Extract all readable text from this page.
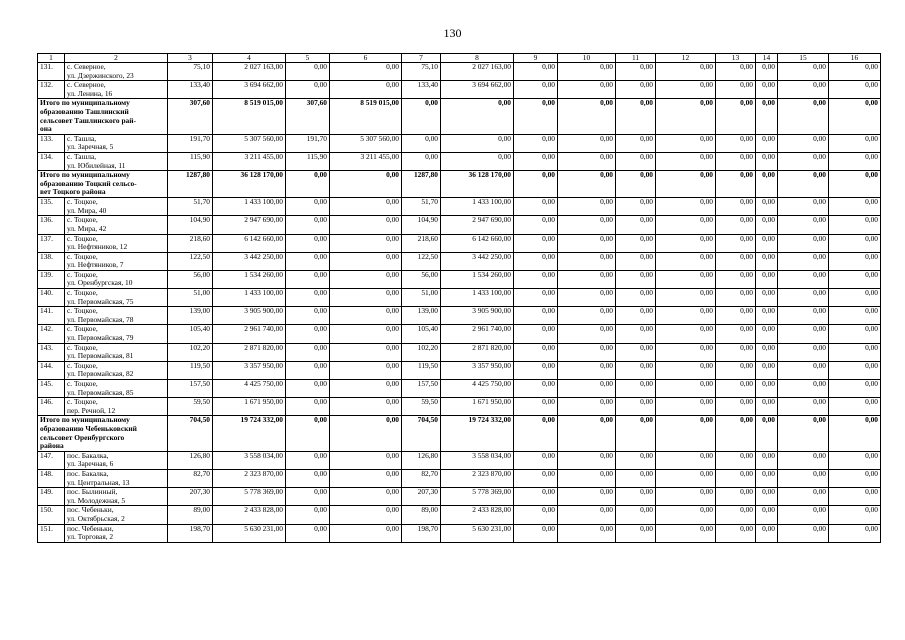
130
1	2	3	4	5	6	7	8	9	10	11	12	13	14	15	16
131.	с. Северное,
ул. Дзержинского, 23	75,10	2 027 163,00	0,00	0,00	75,10	2 027 163,00	0,00	0,00	0,00	0,00	0,00	0,00	0,00	0,00
132.	с. Северное,
ул. Ленина, 16	133,40	3 694 662,00	0,00	0,00	133,40	3 694 662,00	0,00	0,00	0,00	0,00	0,00	0,00	0,00	0,00

Итого по муниципальному
образованию Ташлинский
сельсовет Ташлинского рай-
она		307,60	8 519 015,00	307,60	8 519 015,00	0,00	0,00	0,00	0,00	0,00	0,00	0,00	0,00	0,00	0,00
133.	с. Ташла,
ул. Заречная, 5	191,70	5 307 560,00	191,70	5 307 560,00	0,00	0,00	0,00	0,00	0,00	0,00	0,00	0,00	0,00	0,00
134.	с. Ташла,
ул. Юбилейная, 11	115,90	3 211 455,00	115,90	3 211 455,00	0,00	0,00	0,00	0,00	0,00	0,00	0,00	0,00	0,00	0,00

Итого по муниципальному
образованию Тоцкий сельсо-
вет Тоцкого района		1287,80	36 128 170,00	0,00	0,00	1287,80	36 128 170,00	0,00	0,00	0,00	0,00	0,00	0,00	0,00	0,00
135.	с. Тоцкое,
ул. Мира, 40	51,70	1 433 100,00	0,00	0,00	51,70	1 433 100,00	0,00	0,00	0,00	0,00	0,00	0,00	0,00	0,00
136.	с. Тоцкое,
ул. Мира, 42	104,90	2 947 690,00	0,00	0,00	104,90	2 947 690,00	0,00	0,00	0,00	0,00	0,00	0,00	0,00	0,00
137.	с. Тоцкое,
ул. Нефтяников, 12	218,60	6 142 660,00	0,00	0,00	218,60	6 142 660,00	0,00	0,00	0,00	0,00	0,00	0,00	0,00	0,00
138.	с. Тоцкое,
ул. Нефтяников, 7	122,50	3 442 250,00	0,00	0,00	122,50	3 442 250,00	0,00	0,00	0,00	0,00	0,00	0,00	0,00	0,00
139.	с. Тоцкое,
ул. Оренбургская, 10	56,00	1 534 260,00	0,00	0,00	56,00	1 534 260,00	0,00	0,00	0,00	0,00	0,00	0,00	0,00	0,00
140.	с. Тоцкое,
ул. Первомайская, 75	51,00	1 433 100,00	0,00	0,00	51,00	1 433 100,00	0,00	0,00	0,00	0,00	0,00	0,00	0,00	0,00
141.	с. Тоцкое,
ул. Первомайская, 78	139,00	3 905 900,00	0,00	0,00	139,00	3 905 900,00	0,00	0,00	0,00	0,00	0,00	0,00	0,00	0,00
142.	с. Тоцкое,
ул. Первомайская, 79	105,40	2 961 740,00	0,00	0,00	105,40	2 961 740,00	0,00	0,00	0,00	0,00	0,00	0,00	0,00	0,00
143.	с. Тоцкое,
ул. Первомайская, 81	102,20	2 871 820,00	0,00	0,00	102,20	2 871 820,00	0,00	0,00	0,00	0,00	0,00	0,00	0,00	0,00
144.	с. Тоцкое,
ул. Первомайская, 82	119,50	3 357 950,00	0,00	0,00	119,50	3 357 950,00	0,00	0,00	0,00	0,00	0,00	0,00	0,00	0,00
145.	с. Тоцкое,
ул. Первомайская, 85	157,50	4 425 750,00	0,00	0,00	157,50	4 425 750,00	0,00	0,00	0,00	0,00	0,00	0,00	0,00	0,00
146.	с. Тоцкое,
пер. Речной, 12	59,50	1 671 950,00	0,00	0,00	59,50	1 671 950,00	0,00	0,00	0,00	0,00	0,00	0,00	0,00	0,00

Итого по муниципальному
образованию Чебеньковский
сельсовет Оренбургского
района		704,50	19 724 332,00	0,00	0,00	704,50	19 724 332,00	0,00	0,00	0,00	0,00	0,00	0,00	0,00	0,00
147.	пос. Бакалка,
ул. Заречная, 6	126,80	3 558 034,00	0,00	0,00	126,80	3 558 034,00	0,00	0,00	0,00	0,00	0,00	0,00	0,00	0,00
148.	пос. Бакалка,
ул. Центральная, 13	82,70	2 323 870,00	0,00	0,00	82,70	2 323 870,00	0,00	0,00	0,00	0,00	0,00	0,00	0,00	0,00
149.	пос. Былинный,
ул. Молодежная, 5	207,30	5 778 369,00	0,00	0,00	207,30	5 778 369,00	0,00	0,00	0,00	0,00	0,00	0,00	0,00	0,00
150.	пос. Чебеньки,
ул. Октябрьская, 2	89,00	2 433 828,00	0,00	0,00	89,00	2 433 828,00	0,00	0,00	0,00	0,00	0,00	0,00	0,00	0,00
151.	пос. Чебеньки,
ул. Торговая, 2	198,70	5 630 231,00	0,00	0,00	198,70	5 630 231,00	0,00	0,00	0,00	0,00	0,00	0,00	0,00	0,00
